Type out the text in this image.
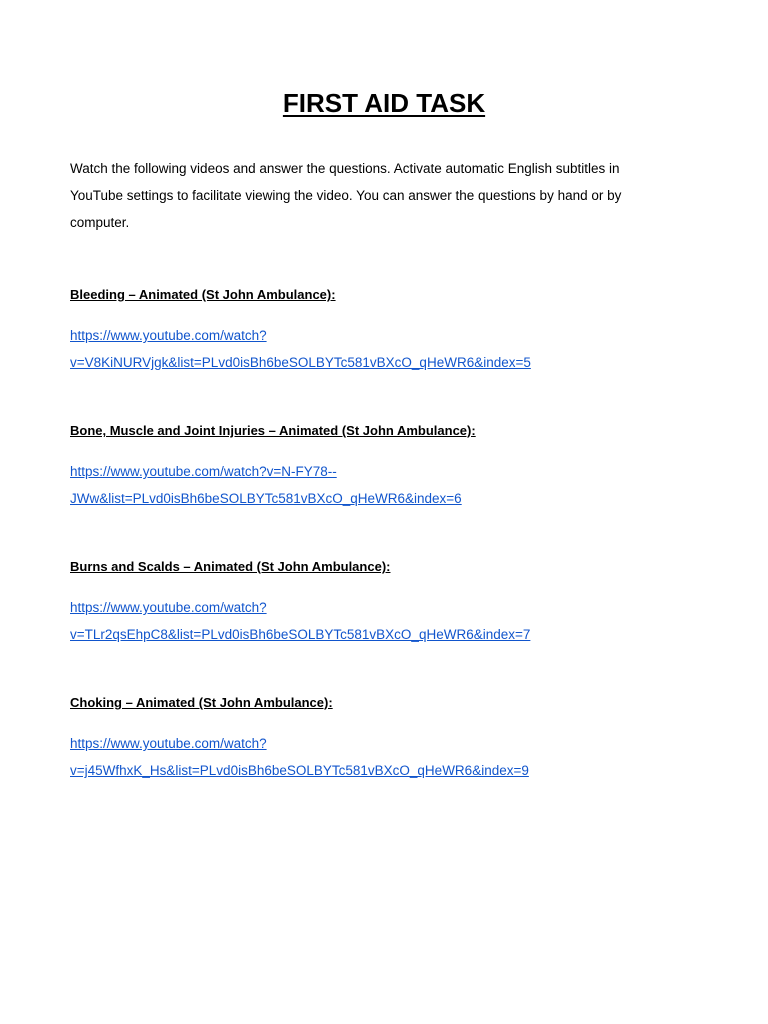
FIRST AID TASK

Watch the following videos and answer the questions. Activate automatic English subtitles in YouTube settings to facilitate viewing the video. You can answer the questions by hand or by computer.

Bleeding – Animated (St John Ambulance):

https://www.youtube.com/watch?
v=V8KiNURVjgk&list=PLvd0isBh6beSOLBYTc581vBXcO_qHeWR6&index=5

Bone, Muscle and Joint Injuries – Animated (St John Ambulance):

https://www.youtube.com/watch?v=N-FY78--
JWw&list=PLvd0isBh6beSOLBYTc581vBXcO_qHeWR6&index=6

Burns and Scalds – Animated (St John Ambulance):

https://www.youtube.com/watch?
v=TLr2qsEhpC8&list=PLvd0isBh6beSOLBYTc581vBXcO_qHeWR6&index=7

Choking – Animated (St John Ambulance):

https://www.youtube.com/watch?
v=j45WfhxK_Hs&list=PLvd0isBh6beSOLBYTc581vBXcO_qHeWR6&index=9
